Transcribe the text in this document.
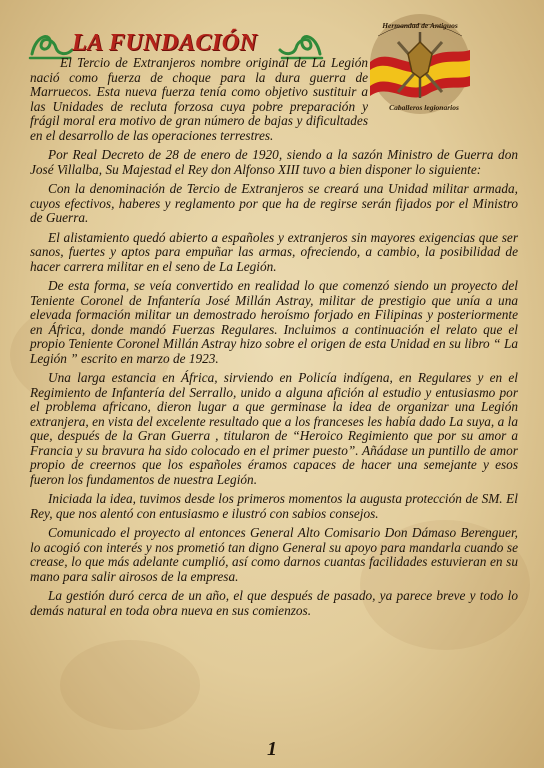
LA FUNDACIÓN
Hermandad de Antiguos
Caballeros legionarios

El Tercio de Extranjeros nombre original de La Legión nació como fuerza de choque para la dura guerra de Marruecos. Esta nueva fuerza tenía como objetivo sustituir a las Unidades de recluta forzosa cuya pobre preparación y frágil moral era motivo de gran número de bajas y dificultades en el desarrollo de las operaciones terrestres.

Por Real Decreto de 28 de enero de 1920, siendo a la sazón Ministro de Guerra don José Villalba, Su Majestad el Rey don Alfonso XIII tuvo a bien disponer lo siguiente:

Con la denominación de Tercio de Extranjeros se creará una Unidad militar armada, cuyos efectivos, haberes y reglamento por que ha de regirse serán fijados por el Ministro de Guerra.

El alistamiento quedó abierto a españoles y extranjeros sin mayores exigencias que ser sanos, fuertes y aptos para empuñar las armas, ofreciendo, a cambio, la posibilidad de hacer carrera militar en el seno de La Legión.

De esta forma, se veía convertido en realidad lo que comenzó siendo un proyecto del Teniente Coronel de Infantería José Millán Astray, militar de prestigio que unía a una elevada formación militar un demostrado heroísmo forjado en Filipinas y posteriormente en África, donde mandó Fuerzas Regulares. Incluimos a continuación el relato que el propio Teniente Coronel Millán Astray hizo sobre el origen de esta Unidad en su libro “ La Legión ” escrito en marzo de 1923.

Una larga estancia en África, sirviendo en Policía indígena, en Regulares y en el Regimiento de Infantería del Serrallo, unido a alguna afición al estudio y entusiasmo por el problema africano, dieron lugar a que germinase la idea de organizar una Legión extranjera, en vista del excelente resultado que a los franceses les había dado La suya, a la que, después de la Gran Guerra , titularon de “Heroico Regimiento que por su amor a Francia y su bravura ha sido colocado en el primer puesto”. Añádase un puntillo de amor propio de creernos que los españoles éramos capaces de hacer una semejante y esos fueron los fundamentos de nuestra Legión.

Iniciada la idea, tuvimos desde los primeros momentos la augusta protección de SM. El Rey, que nos alentó con entusiasmo e ilustró con sabios consejos.

Comunicado el proyecto al entonces General Alto Comisario Don Dámaso Berenguer, lo acogió con interés y nos prometió tan digno General su apoyo para mandarla cuando se crease, lo que más adelante cumplió, así como darnos cuantas facilidades estuvieran en su mano para salir airosos de la empresa.

La gestión duró cerca de un año, el que después de pasado, ya parece breve y todo lo demás natural en toda obra nueva en sus comienzos.

1
